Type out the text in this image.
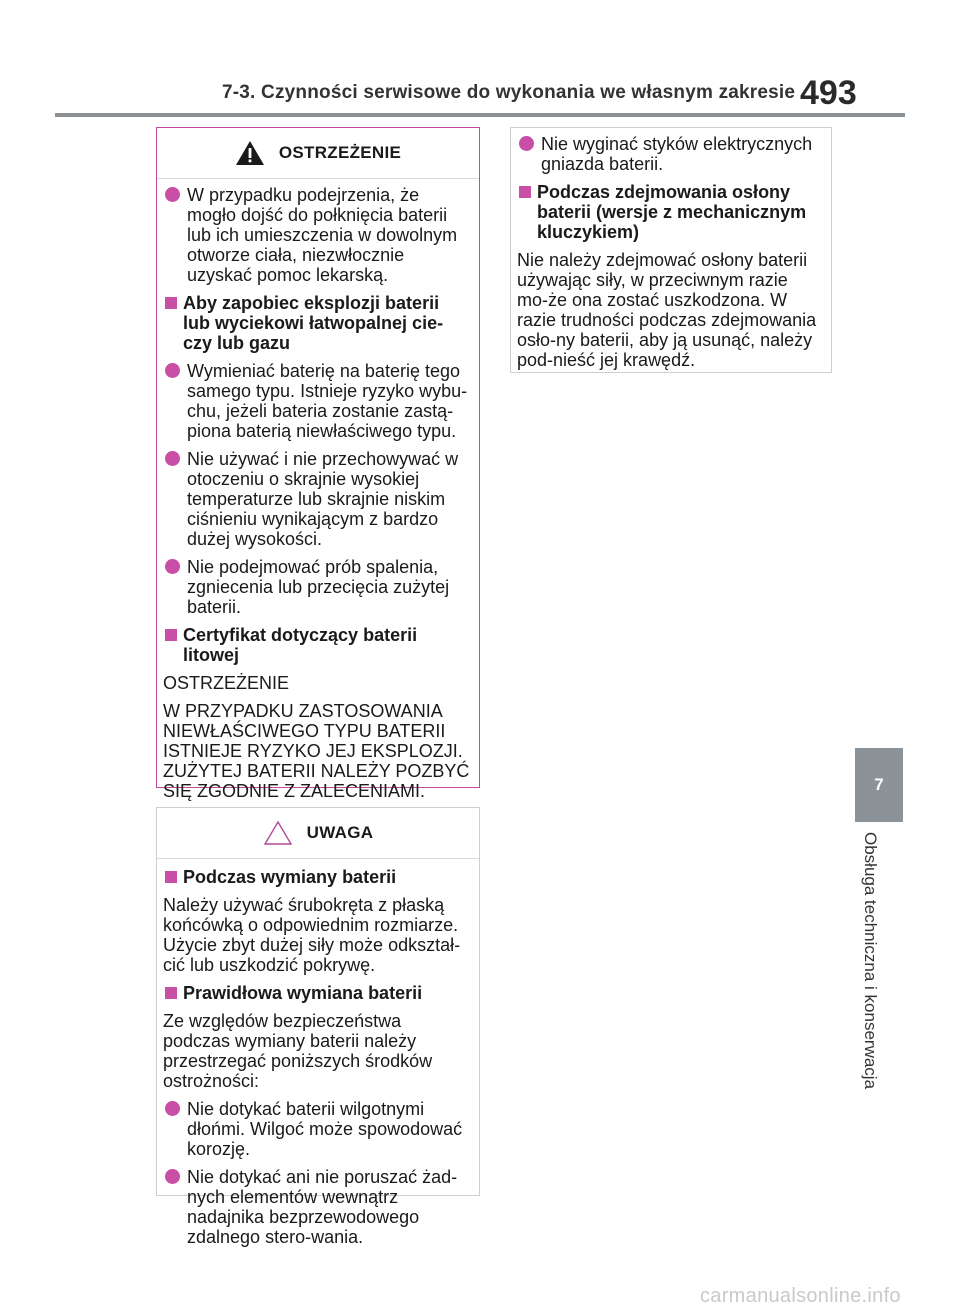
7-3. Czynności serwisowe do wykonania we własnym zakresie 493
OSTRZEŻENIE
W przypadku podejrzenia, że mogło dojść do połknięcia baterii lub ich umieszczenia w dowolnym otworze ciała, niezwłocznie uzyskać pomoc lekarską.
Aby zapobiec eksplozji baterii lub wyciekowi łatwopalnej cie-czy lub gazu
Wymieniać baterię na baterię tego samego typu. Istnieje ryzyko wybu-chu, jeżeli bateria zostanie zastą-piona baterią niewłaściwego typu.
Nie używać i nie przechowywać w otoczeniu o skrajnie wysokiej temperaturze lub skrajnie niskim ciśnieniu wynikającym z bardzo dużej wysokości.
Nie podejmować prób spalenia, zgniecenia lub przecięcia zużytej baterii.
Certyfikat dotyczący baterii litowej
OSTRZEŻENIE
W PRZYPADKU ZASTOSOWANIA NIEWŁAŚCIWEGO TYPU BATERII ISTNIEJE RYZYKO JEJ EKSPLOZJI. ZUŻYTEJ BATERII NALEŻY POZBYĆ SIĘ ZGODNIE Z ZALECENIAMI.
UWAGA
Podczas wymiany baterii
Należy używać śrubokręta z płaską końcówką o odpowiednim rozmiarze. Użycie zbyt dużej siły może odkształ-cić lub uszkodzić pokrywę.
Prawidłowa wymiana baterii
Ze względów bezpieczeństwa podczas wymiany baterii należy przestrzegać poniższych środków ostrożności:
Nie dotykać baterii wilgotnymi dłońmi. Wilgoć może spowodować korozję.
Nie dotykać ani nie poruszać żad-nych elementów wewnątrz nadajnika bezprzewodowego zdalnego stero-wania.
Nie wyginać styków elektrycznych gniazda baterii.
Podczas zdejmowania osłony baterii (wersje z mechanicznym kluczykiem)
Nie należy zdejmować osłony baterii używając siły, w przeciwnym razie mo-że ona zostać uszkodzona. W razie trudności podczas zdejmowania osło-ny baterii, aby ją usunąć, należy pod-nieść jej krawędź.
7
Obsługa techniczna i konserwacja
carmanualsonline.info
